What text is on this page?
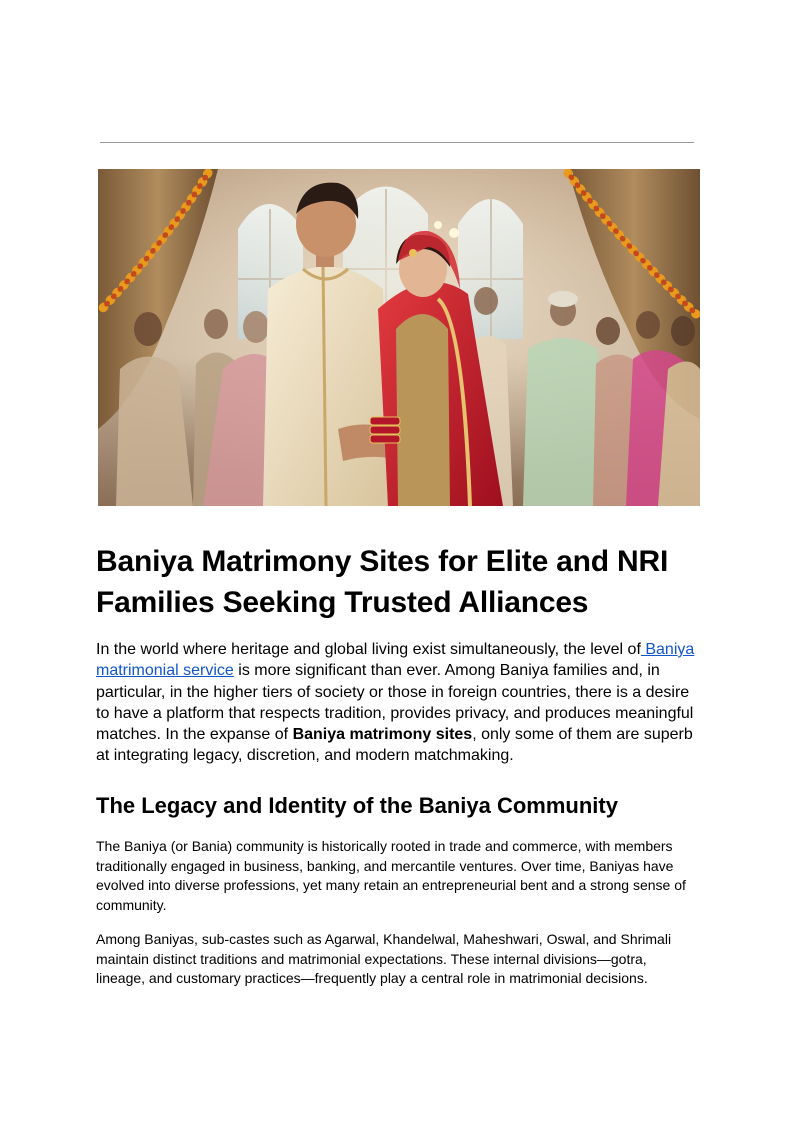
Baniya Matrimony Sites for Elite and NRI Families Seeking Trusted Alliances

In the world where heritage and global living exist simultaneously, the level of Baniya matrimonial service is more significant than ever. Among Baniya families and, in particular, in the higher tiers of society or those in foreign countries, there is a desire to have a platform that respects tradition, provides privacy, and produces meaningful matches. In the expanse of Baniya matrimony sites, only some of them are superb at integrating legacy, discretion, and modern matchmaking.

The Legacy and Identity of the Baniya Community

The Baniya (or Bania) community is historically rooted in trade and commerce, with members traditionally engaged in business, banking, and mercantile ventures. Over time, Baniyas have evolved into diverse professions, yet many retain an entrepreneurial bent and a strong sense of community.

Among Baniyas, sub-castes such as Agarwal, Khandelwal, Maheshwari, Oswal, and Shrimali maintain distinct traditions and matrimonial expectations. These internal divisions—gotra, lineage, and customary practices—frequently play a central role in matrimonial decisions.
